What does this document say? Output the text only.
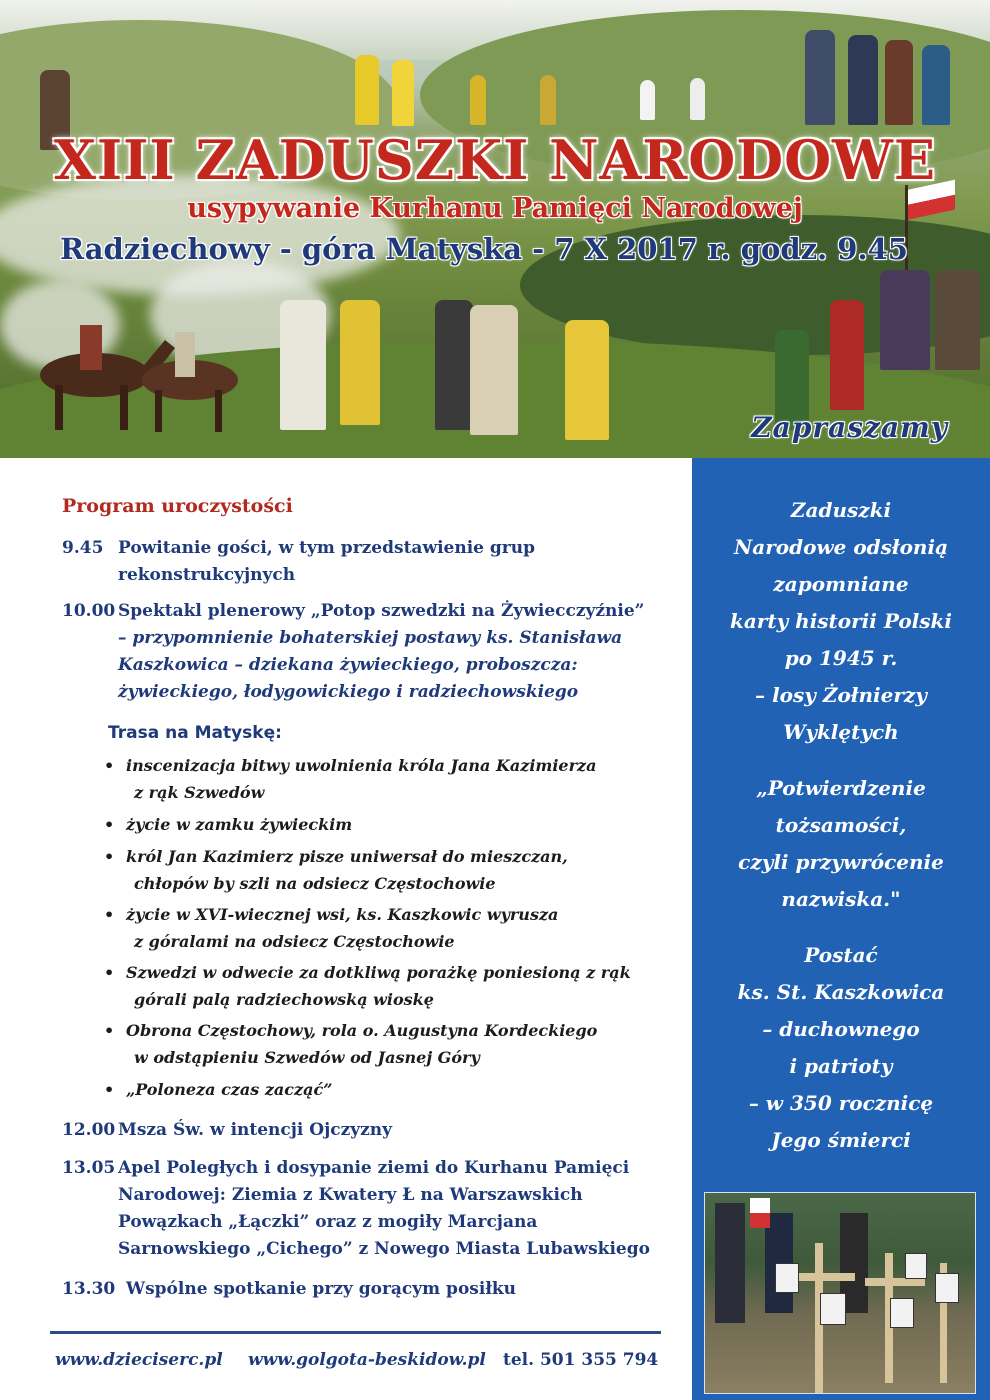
XIII ZADUSZKI NARODOWE
usypywanie Kurhanu Pamięci Narodowej
Radziechowy - góra Matyska - 7 X 2017 r. godz. 9.45
Zapraszamy
Program uroczystości
9.45 Powitanie gości, w tym przedstawienie grup
rekonstrukcyjnych
10.00 Spektakl plenerowy „Potop szwedzki na Żywiecczyźnie”
– przypomnienie bohaterskiej postawy ks. Stanisława
Kaszkowica – dziekana żywieckiego, proboszcza:
żywieckiego, łodygowickiego i radziechowskiego
Trasa na Matyskę:
• inscenizacja bitwy uwolnienia króla Jana Kazimierza
z rąk Szwedów
• życie w zamku żywieckim
• król Jan Kazimierz pisze uniwersał do mieszczan,
chłopów by szli na odsiecz Częstochowie
• życie w XVI-wiecznej wsi, ks. Kaszkowic wyrusza
z góralami na odsiecz Częstochowie
• Szwedzi w odwecie za dotkliwą porażkę poniesioną z rąk
górali palą radziechowską wioskę
• Obrona Częstochowy, rola o. Augustyna Kordeckiego
w odstąpieniu Szwedów od Jasnej Góry
• „Poloneza czas zacząć”
12.00 Msza Św. w intencji Ojczyzny
13.05 Apel Poległych i dosypanie ziemi do Kurhanu Pamięci
Narodowej: Ziemia z Kwatery Ł na Warszawskich
Powązkach „Łączki” oraz z mogiły Marcjana
Sarnowskiego „Cichego” z Nowego Miasta Lubawskiego
13.30 Wspólne spotkanie przy gorącym posiłku
www.dzieciserc.pl www.golgota-beskidow.pl tel. 501 355 794
Zaduszki
Narodowe odsłonią
zapomniane
karty historii Polski
po 1945 r.
– losy Żołnierzy
Wyklętych
„Potwierdzenie
tożsamości,
czyli przywrócenie
nazwiska."
Postać
ks. St. Kaszkowica
– duchownego
i patrioty
– w 350 rocznicę
Jego śmierci
